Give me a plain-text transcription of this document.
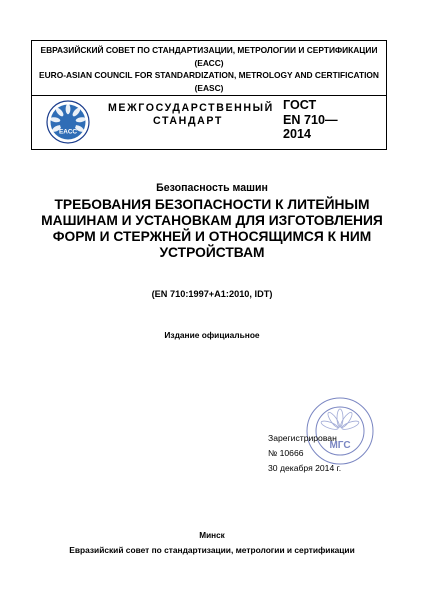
ЕВРАЗИЙСКИЙ СОВЕТ ПО СТАНДАРТИЗАЦИИ, МЕТРОЛОГИИ И СЕРТИФИКАЦИИ
(ЕАСС)
EURO-ASIAN COUNCIL FOR STANDARDIZATION, METROLOGY AND CERTIFICATION
(EASC)
EACC
МЕЖГОСУДАРСТВЕННЫЙ
СТАНДАРТ
ГОСТ
EN 710—
2014
Безопасность машин
ТРЕБОВАНИЯ БЕЗОПАСНОСТИ К ЛИТЕЙНЫМ
МАШИНАМ И УСТАНОВКАМ ДЛЯ ИЗГОТОВЛЕНИЯ
ФОРМ И СТЕРЖНЕЙ И ОТНОСЯЩИМСЯ К НИМ
УСТРОЙСТВАМ
(EN 710:1997+A1:2010, IDT)
Издание официальное
МГС
Зарегистрирован
№ 10666
30 декабря 2014 г.
Минск
Евразийский совет по стандартизации, метрологии и сертификации
